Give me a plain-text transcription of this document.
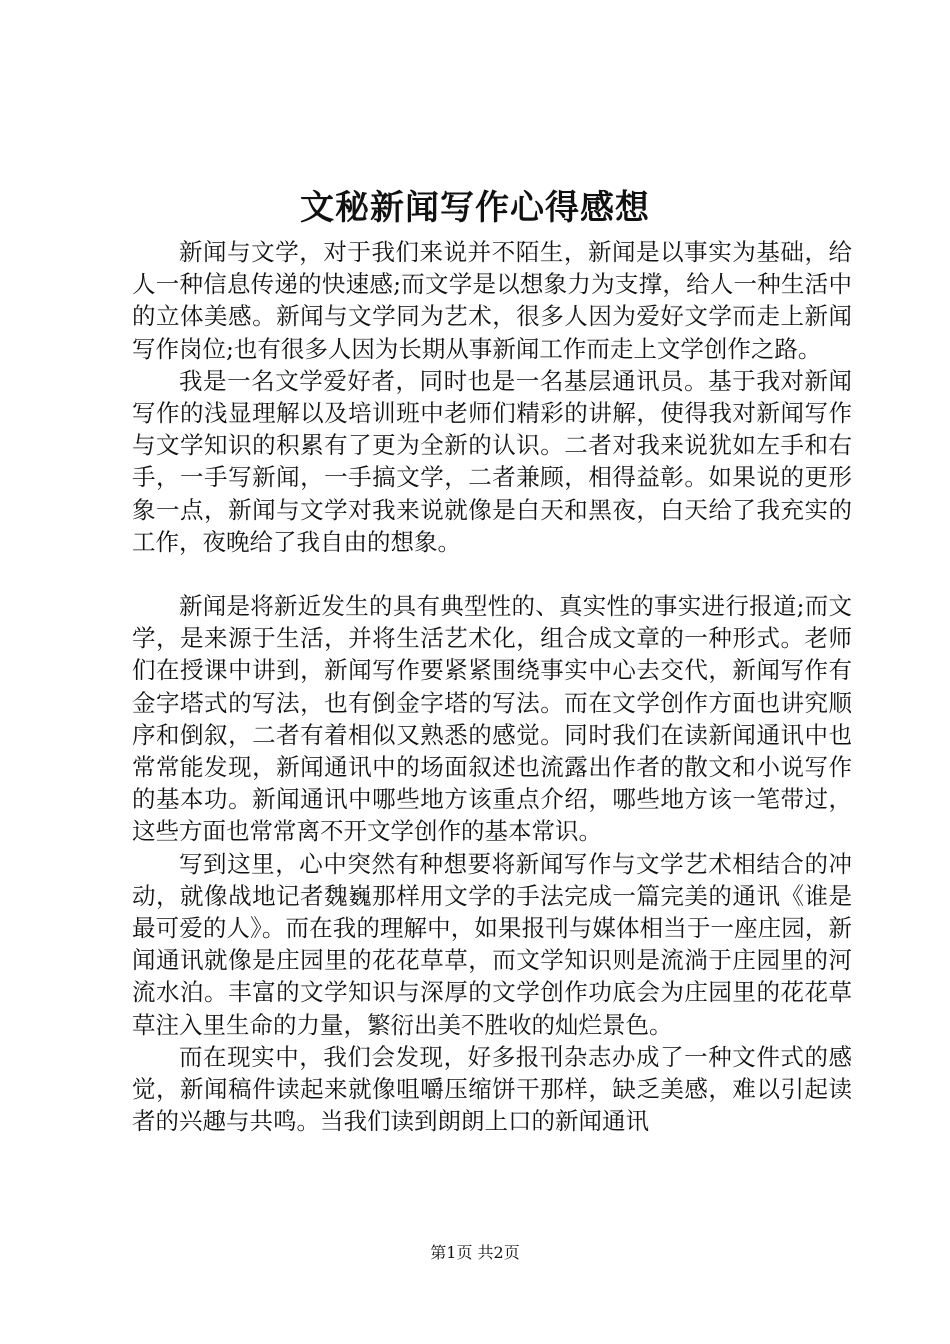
文秘新闻写作心得感想

新闻与文学，对于我们来说并不陌生，新闻是以事实为基础，给人一种信息传递的快速感;而文学是以想象力为支撑，给人一种生活中的立体美感。新闻与文学同为艺术，很多人因为爱好文学而走上新闻写作岗位;也有很多人因为长期从事新闻工作而走上文学创作之路。

我是一名文学爱好者，同时也是一名基层通讯员。基于我对新闻写作的浅显理解以及培训班中老师们精彩的讲解，使得我对新闻写作与文学知识的积累有了更为全新的认识。二者对我来说犹如左手和右手，一手写新闻，一手搞文学，二者兼顾，相得益彰。如果说的更形象一点，新闻与文学对我来说就像是白天和黑夜，白天给了我充实的工作，夜晚给了我自由的想象。

新闻是将新近发生的具有典型性的、真实性的事实进行报道;而文学，是来源于生活，并将生活艺术化，组合成文章的一种形式。老师们在授课中讲到，新闻写作要紧紧围绕事实中心去交代，新闻写作有金字塔式的写法，也有倒金字塔的写法。而在文学创作方面也讲究顺序和倒叙，二者有着相似又熟悉的感觉。同时我们在读新闻通讯中也常常能发现，新闻通讯中的场面叙述也流露出作者的散文和小说写作的基本功。新闻通讯中哪些地方该重点介绍，哪些地方该一笔带过，这些方面也常常离不开文学创作的基本常识。

写到这里，心中突然有种想要将新闻写作与文学艺术相结合的冲动，就像战地记者魏巍那样用文学的手法完成一篇完美的通讯《谁是最可爱的人》。而在我的理解中，如果报刊与媒体相当于一座庄园，新闻通讯就像是庄园里的花花草草，而文学知识则是流淌于庄园里的河流水泊。丰富的文学知识与深厚的文学创作功底会为庄园里的花花草草注入里生命的力量，繁衍出美不胜收的灿烂景色。

而在现实中，我们会发现，好多报刊杂志办成了一种文件式的感觉，新闻稿件读起来就像咀嚼压缩饼干那样，缺乏美感，难以引起读者的兴趣与共鸣。当我们读到朗朗上口的新闻通讯

第1页 共2页
